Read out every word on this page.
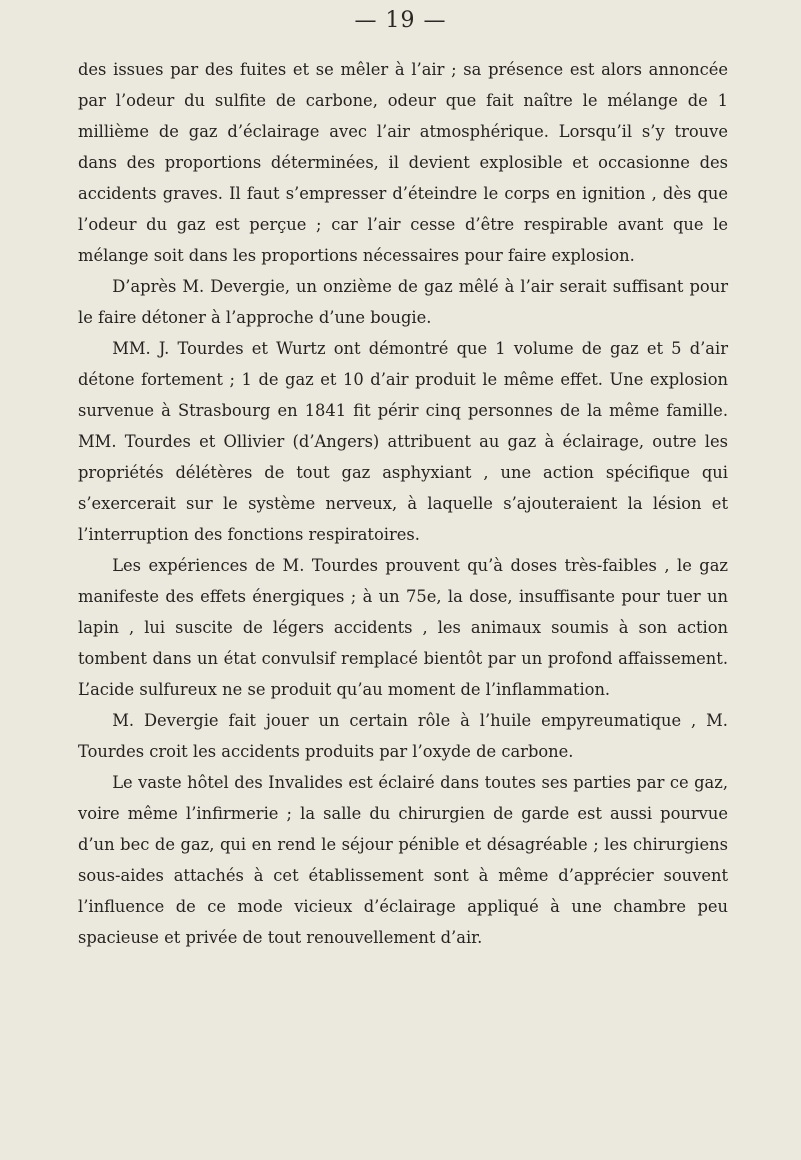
— 19 —

des issues par des fuites et se mêler à l’air ; sa présence est alors annoncée par l’odeur du sulfite de carbone, odeur que fait naître le mélange de 1 millième de gaz d’éclairage avec l’air atmosphérique. Lorsqu’il s’y trouve dans des proportions déterminées, il devient explosible et occasionne des accidents graves. Il faut s’empresser d’éteindre le corps en ignition , dès que l’odeur du gaz est perçue ; car l’air cesse d’être respirable avant que le mélange soit dans les proportions nécessaires pour faire explosion.

D’après M. Devergie, un onzième de gaz mêlé à l’air serait suffisant pour le faire détoner à l’approche d’une bougie.

MM. J. Tourdes et Wurtz ont démontré que 1 volume de gaz et 5 d’air détone fortement ; 1 de gaz et 10 d’air produit le même effet. Une explosion survenue à Strasbourg en 1841 fit périr cinq personnes de la même famille. MM. Tourdes et Ollivier (d’Angers) attribuent au gaz à éclairage, outre les propriétés délétères de tout gaz asphyxiant , une action spécifique qui s’exercerait sur le système nerveux, à laquelle s’ajouteraient la lésion et l’interruption des fonctions respiratoires.

Les expériences de M. Tourdes prouvent qu’à doses très-faibles , le gaz manifeste des effets énergiques ; à un 75e, la dose, insuffisante pour tuer un lapin , lui suscite de légers accidents , les animaux soumis à son action tombent dans un état convulsif remplacé bientôt par un profond affaissement. L’acide sulfureux ne se produit qu’au moment de l’inflammation.

M. Devergie fait jouer un certain rôle à l’huile empyreumatique , M. Tourdes croit les accidents produits par l’oxyde de carbone.

Le vaste hôtel des Invalides est éclairé dans toutes ses parties par ce gaz, voire même l’infirmerie ; la salle du chirurgien de garde est aussi pourvue d’un bec de gaz, qui en rend le séjour pénible et désagréable ; les chirurgiens sous-aides attachés à cet établissement sont à même d’apprécier souvent l’influence de ce mode vicieux d’éclairage appliqué à une chambre peu spacieuse et privée de tout renouvellement d’air.
